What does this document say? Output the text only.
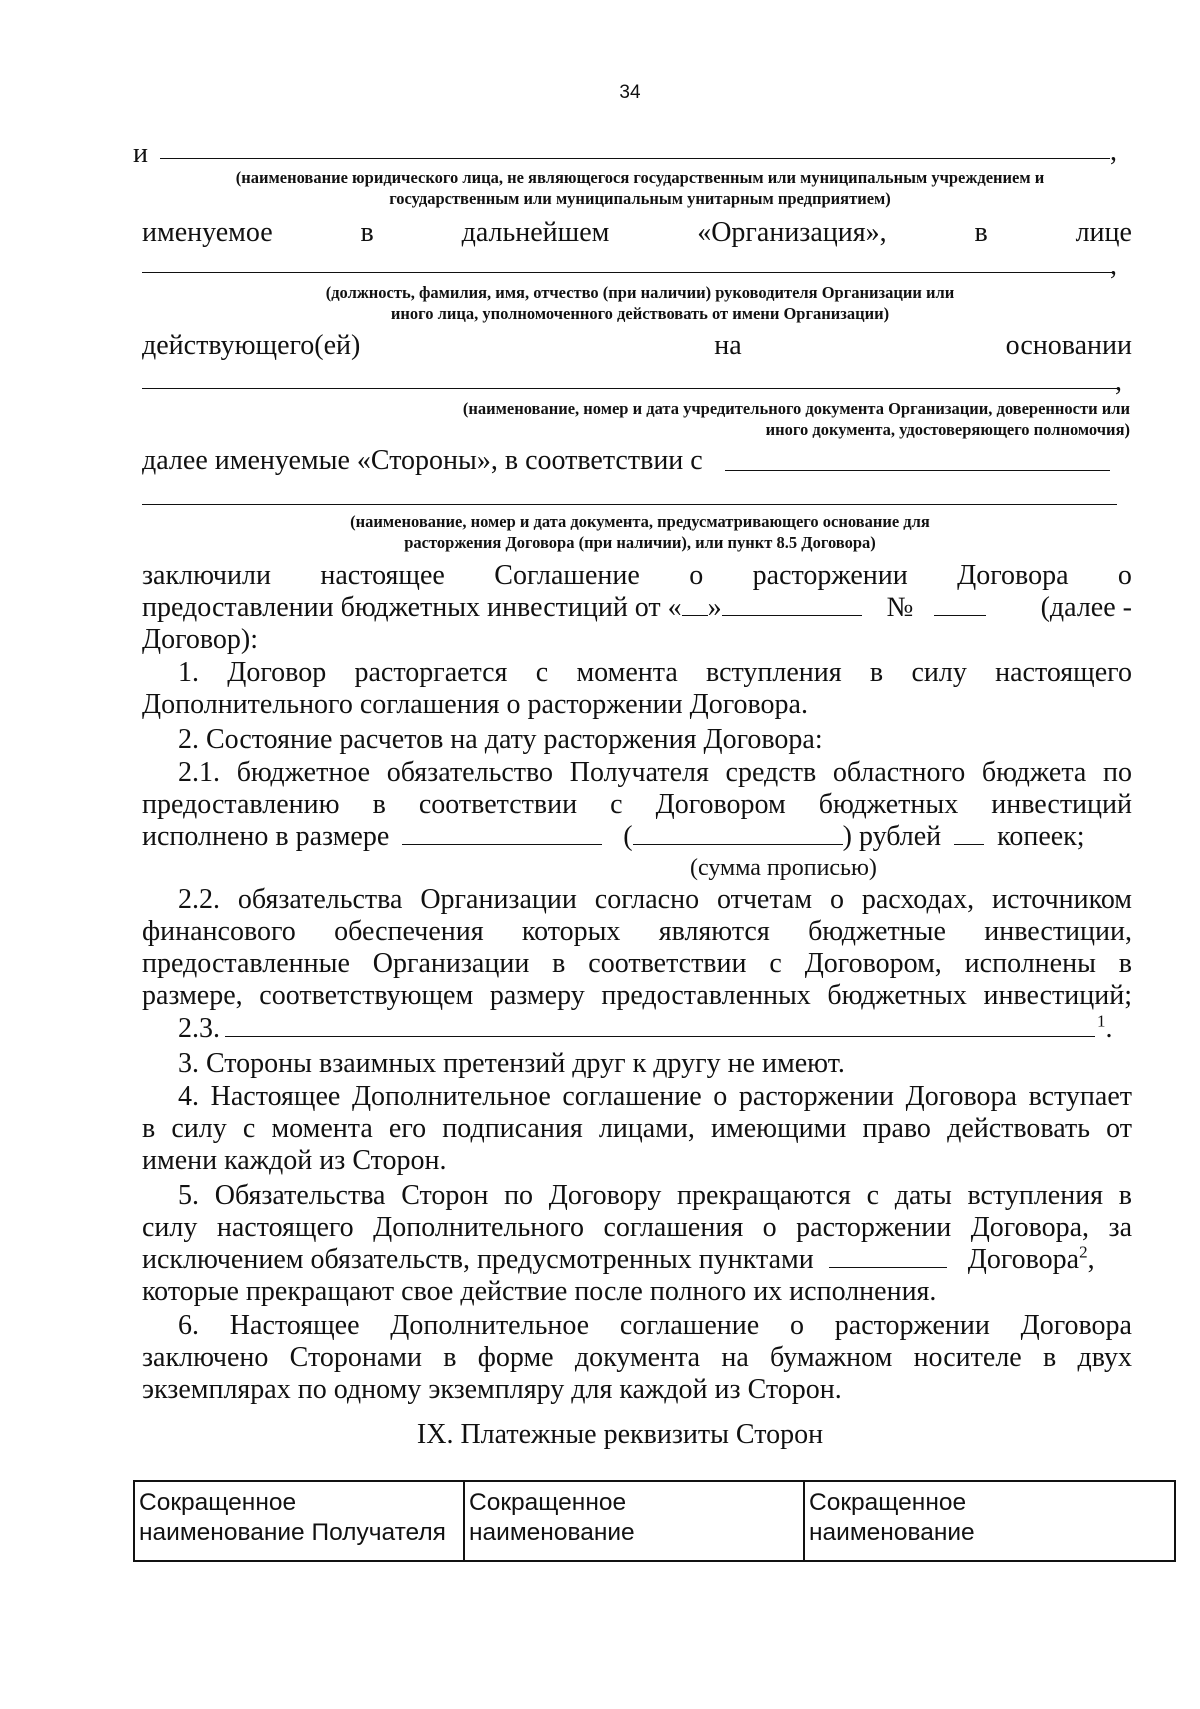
34
и	,
(наименование юридического лица, не являющегося государственным или муниципальным учреждением и
государственным или муниципальным унитарным предприятием)
именуемое	в	дальнейшем	«Организация»,	в	лице
,
(должность, фамилия, имя, отчество (при наличии) руководителя Организации или
иного лица, уполномоченного действовать от имени Организации)
действующего(ей)	на	основании
,
(наименование, номер и дата учредительного документа Организации, доверенности или
иного документа, удостоверяющего полномочия)
далее именуемые «Стороны», в соответствии с
(наименование, номер и дата документа, предусматривающего основание для
расторжения Договора (при наличии), или пункт 8.5 Договора)
заключили настоящее Соглашение о расторжении Договора о
предоставлении бюджетных инвестиций от « »	№	(далее -
Договор):
1. Договор расторгается с момента вступления в силу настоящего
Дополнительного соглашения о расторжении Договора.
2. Состояние расчетов на дату расторжения Договора:
2.1. бюджетное обязательство Получателя средств областного бюджета по
предоставлению в соответствии с Договором бюджетных инвестиций
исполнено в размере	(	) рублей копеек;
(сумма прописью)
2.2. обязательства Организации согласно отчетам о расходах, источником
финансового обеспечения которых являются бюджетные инвестиции,
предоставленные Организации в соответствии с Договором, исполнены в
размере, соответствующем размеру предоставленных бюджетных инвестиций;
2.3.	$^1$.
3. Стороны взаимных претензий друг к другу не имеют.
4. Настоящее Дополнительное соглашение о расторжении Договора вступает
в силу с момента его подписания лицами, имеющими право действовать от
имени каждой из Сторон.
5. Обязательства Сторон по Договору прекращаются с даты вступления в
силу настоящего Дополнительного соглашения о расторжении Договора, за
исключением обязательств, предусмотренных пунктами	Договора$^2$,
которые прекращают свое действие после полного их исполнения.
6. Настоящее Дополнительное соглашение о расторжении Договора
заключено Сторонами в форме документа на бумажном носителе в двух
экземплярах по одному экземпляру для каждой из Сторон.
IX. Платежные реквизиты Сторон
Сокращенное
наименование Получателя

Сокращенное
наименование

Сокращенное
наименование
